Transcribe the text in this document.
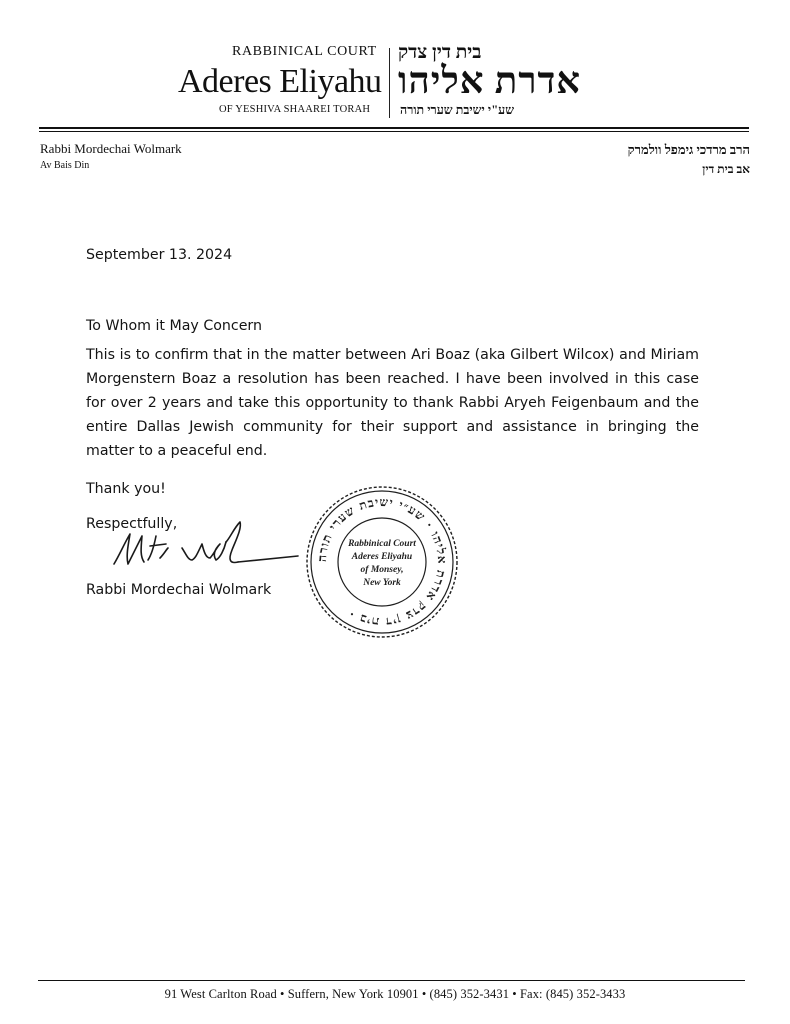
RABBINICAL COURT
Aderes Eliyahu
OF YESHIVA SHAAREI TORAH
בית דין צדק
אדרת אליהו
שע"י ישיבת שערי תורה
Rabbi Mordechai Wolmark
Av Bais Din
הרב מרדכי גימפל וולמרק
אב בית דין
September 13. 2024
To Whom it May Concern
This is to confirm that in the matter between Ari Boaz (aka Gilbert Wilcox) and Miriam Morgenstern Boaz a resolution has been reached. I have been involved in this case for over 2 years and take this opportunity to thank Rabbi Aryeh Feigenbaum and the entire Dallas Jewish community for their support and assistance in bringing the matter to a peaceful end.
Thank you!
Respectfully,
Rabbi Mordechai Wolmark
בית דין צדק אדרת אליהו · שע״י ישיבת שערי תורה ·
Rabbinical Court
Aderes Eliyahu
of Monsey,
New York
91 West Carlton Road • Suffern, New York 10901 • (845) 352-3431 • Fax: (845) 352-3433
